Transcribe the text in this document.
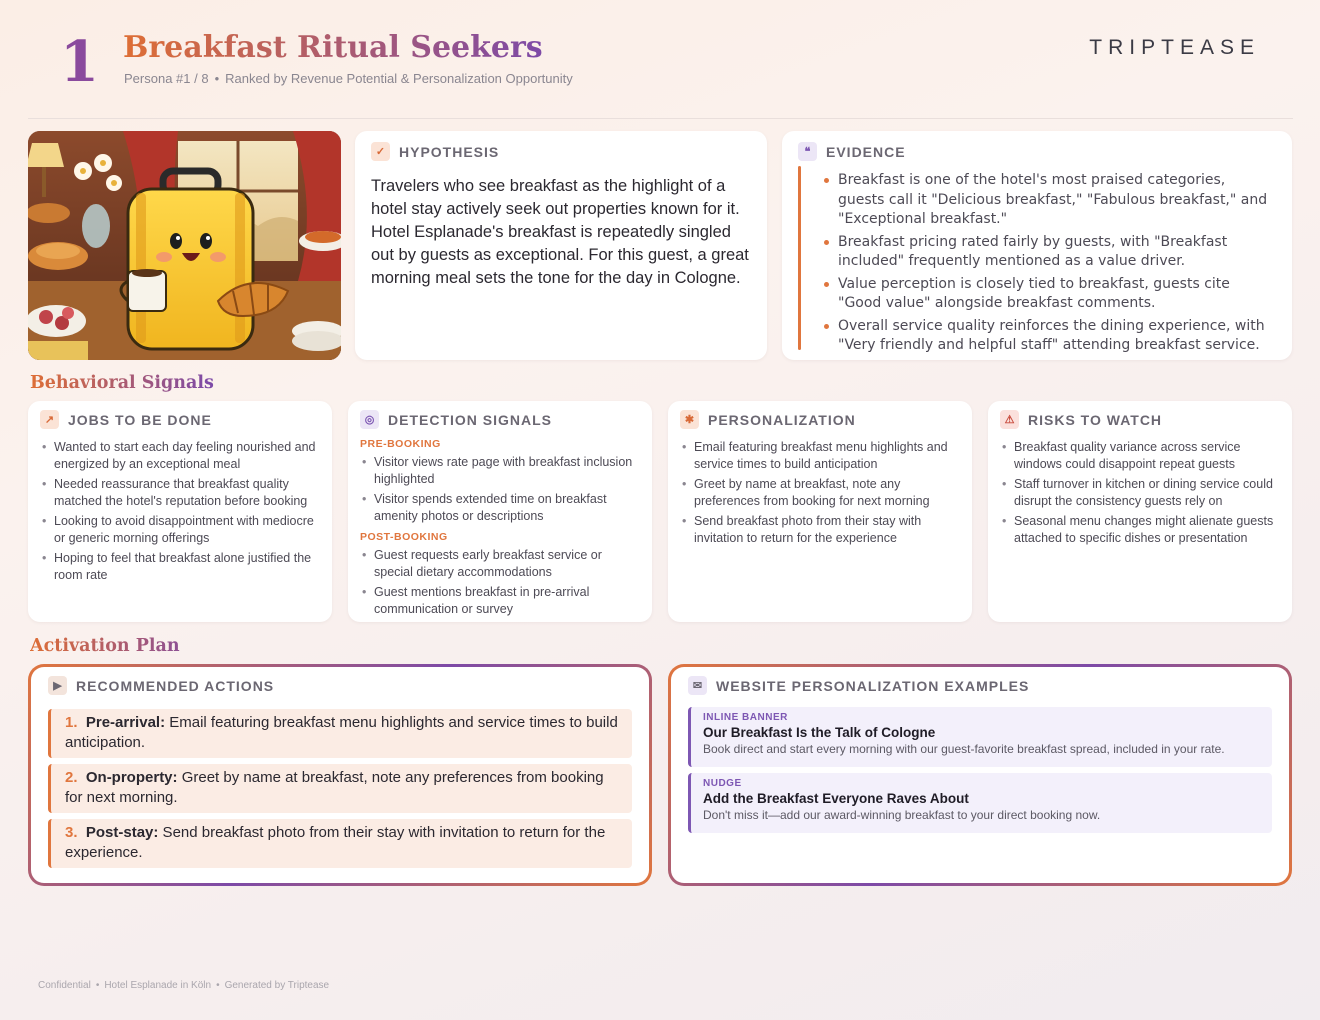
1 Breakfast Ritual Seekers
Persona #1 / 8 • Ranked by Revenue Potential & Personalization Opportunity
TRIPTEASE
✓ HYPOTHESIS

Travelers who see breakfast as the highlight of a hotel stay actively seek out properties known for it. Hotel Esplanade's breakfast is repeatedly singled out by guests as exceptional. For this guest, a great morning meal sets the tone for the day in Cologne.

❝	EVIDENCE
Breakfast is one of the hotel's most praised categories, guests call it "Delicious breakfast," "Fabulous breakfast," and "Exceptional breakfast."
Breakfast pricing rated fairly by guests, with "Breakfast included" frequently mentioned as a value driver.
Value perception is closely tied to breakfast, guests cite "Good value" alongside breakfast comments.
Overall service quality reinforces the dining experience, with "Very friendly and helpful staff" attending breakfast service.
Behavioral Signals
↗ JOBS TO BE DONE
• Wanted to start each day feeling nourished and energized by an exceptional meal
• Needed reassurance that breakfast quality matched the hotel's reputation before booking
• Looking to avoid disappointment with mediocre or generic morning offerings
• Hoping to feel that breakfast alone justified the room rate
◎ DETECTION SIGNALS
PRE-BOOKING
• Visitor views rate page with breakfast inclusion highlighted
• Visitor spends extended time on breakfast amenity photos or descriptions
POST-BOOKING
• Guest requests early breakfast service or special dietary accommodations
• Guest mentions breakfast in pre-arrival communication or survey
✱ PERSONALIZATION
• Email featuring breakfast menu highlights and service times to build anticipation
• Greet by name at breakfast, note any preferences from booking for next morning
• Send breakfast photo from their stay with invitation to return for the experience
⚠ RISKS TO WATCH
• Breakfast quality variance across service windows could disappoint repeat guests
• Staff turnover in kitchen or dining service could disrupt the consistency guests rely on
• Seasonal menu changes might alienate guests attached to specific dishes or presentation
Activation Plan
▶	RECOMMENDED ACTIONS
1. Pre-arrival: Email featuring breakfast menu highlights and service times to build anticipation.
2. On-property: Greet by name at breakfast, note any preferences from booking for next morning.
3. Post-stay: Send breakfast photo from their stay with invitation to return for the experience.
✉ WEBSITE PERSONALIZATION EXAMPLES
INLINE BANNER
Our Breakfast Is the Talk of Cologne
Book direct and start every morning with our guest-favorite breakfast spread, included in your rate.
NUDGE
Add the Breakfast Everyone Raves About
Don't miss it—add our award-winning breakfast to your direct booking now.
Confidential • Hotel Esplanade in Köln • Generated by Triptease
